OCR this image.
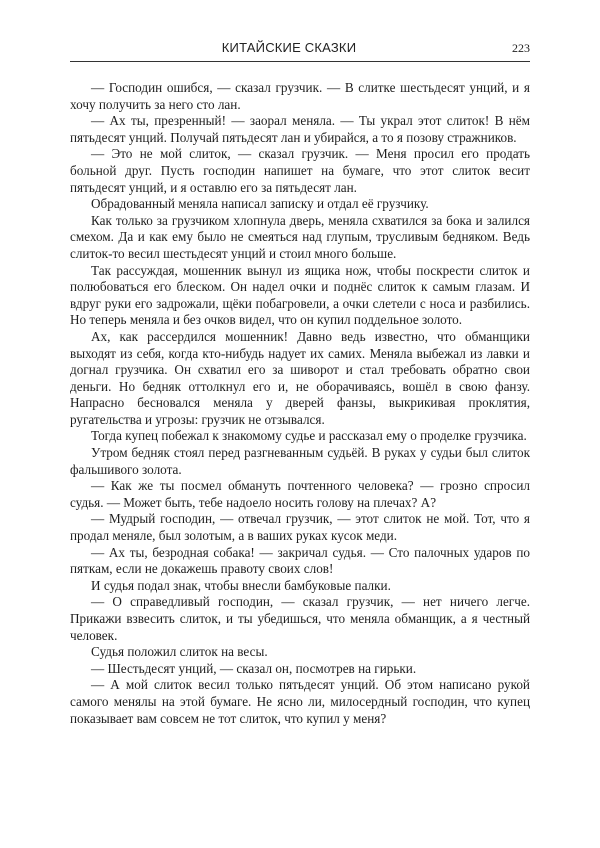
КИТАЙСКИЕ СКАЗКИ	223

— Господин ошибся, — сказал грузчик. — В слитке шестьдесят унций, и я хочу получить за него сто лан.

— Ах ты, презренный! — заорал меняла. — Ты украл этот слиток! В нём пятьдесят унций. Получай пятьдесят лан и убирайся, а то я позову стражников.

— Это не мой слиток, — сказал грузчик. — Меня просил его продать больной друг. Пусть господин напишет на бумаге, что этот слиток весит пятьдесят унций, и я оставлю его за пятьдесят лан.

Обрадованный меняла написал записку и отдал её грузчику.

Как только за грузчиком хлопнула дверь, меняла схватился за бока и залился смехом. Да и как ему было не смеяться над глупым, трусливым бедняком. Ведь слиток-то весил шестьдесят унций и стоил много больше.

Так рассуждая, мошенник вынул из ящика нож, чтобы поскрести слиток и полюбоваться его блеском. Он надел очки и поднёс слиток к самым глазам. И вдруг руки его задрожали, щёки побагровели, а очки слетели с носа и разбились. Но теперь меняла и без очков видел, что он купил поддельное золото.

Ах, как рассердился мошенник! Давно ведь известно, что обманщики выходят из себя, когда кто-нибудь надует их самих. Меняла выбежал из лавки и догнал грузчика. Он схватил его за шиворот и стал требовать обратно свои деньги. Но бедняк оттолкнул его и, не оборачиваясь, вошёл в свою фанзу. Напрасно бесновался меняла у дверей фанзы, выкрикивая проклятия, ругательства и угрозы: грузчик не отзывался.

Тогда купец побежал к знакомому судье и рассказал ему о проделке грузчика.

Утром бедняк стоял перед разгневанным судьёй. В руках у судьи был слиток фальшивого золота.

— Как же ты посмел обмануть почтенного человека? — грозно спросил судья. — Может быть, тебе надоело носить голову на плечах? А?

— Мудрый господин, — отвечал грузчик, — этот слиток не мой. Тот, что я продал меняле, был золотым, а в ваших руках кусок меди.

— Ах ты, безродная собака! — закричал судья. — Сто палочных ударов по пяткам, если не докажешь правоту своих слов!

И судья подал знак, чтобы внесли бамбуковые палки.

— О справедливый господин, — сказал грузчик, — нет ничего легче. Прикажи взвесить слиток, и ты убедишься, что меняла обманщик, а я честный человек.

Судья положил слиток на весы.

— Шестьдесят унций, — сказал он, посмотрев на гирьки.

— А мой слиток весил только пятьдесят унций. Об этом написано рукой самого менялы на этой бумаге. Не ясно ли, милосердный господин, что купец показывает вам совсем не тот слиток, что купил у меня?
